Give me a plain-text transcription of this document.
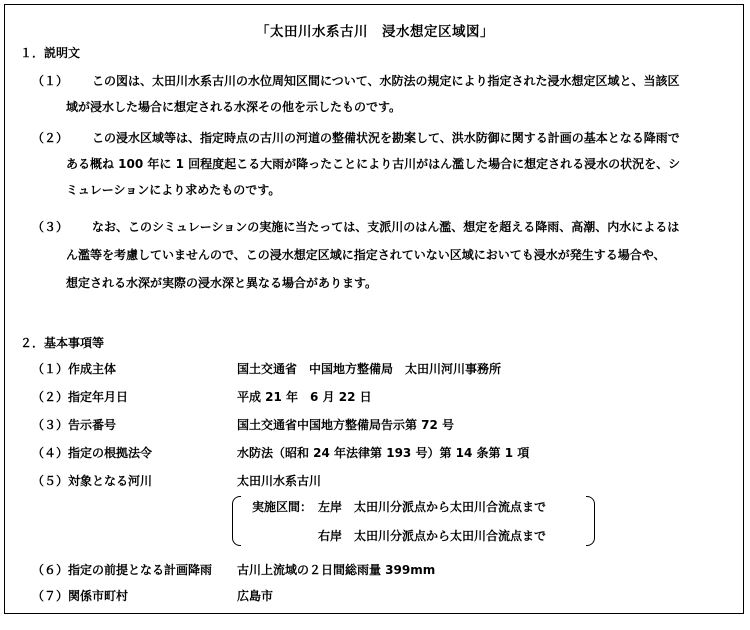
「太田川水系古川　浸水想定区域図」
１．説明文
（１） この図は、太田川水系古川の水位周知区間について、水防法の規定により指定された浸水想定区域と、当該区
域が浸水した場合に想定される水深その他を示したものです。
（２） この浸水区域等は、指定時点の古川の河道の整備状況を勘案して、洪水防御に関する計画の基本となる降雨で
ある概ね 100 年に 1 回程度起こる大雨が降ったことにより古川がはん濫した場合に想定される浸水の状況を、シ
ミュレーションにより求めたものです。
（３） なお、このシミュレーションの実施に当たっては、支派川のはん濫、想定を超える降雨、高潮、内水によるは
ん濫等を考慮していませんので、この浸水想定区域に指定されていない区域においても浸水が発生する場合や、
想定される水深が実際の浸水深と異なる場合があります。
２．基本事項等
（１）作成主体	国土交通省　中国地方整備局　太田川河川事務所
（２）指定年月日	平成 21 年　6 月 22 日
（３）告示番号	国土交通省中国地方整備局告示第 72 号
（４）指定の根拠法令	水防法（昭和 24 年法律第 193 号）第 14 条第 1 項
（５）対象となる河川	太田川水系古川
実施区間： 左岸　太田川分派点から太田川合流点まで
右岸　太田川分派点から太田川合流点まで
（６）指定の前提となる計画降雨 古川上流域の２日間総雨量 399mm
（７）関係市町村	広島市
